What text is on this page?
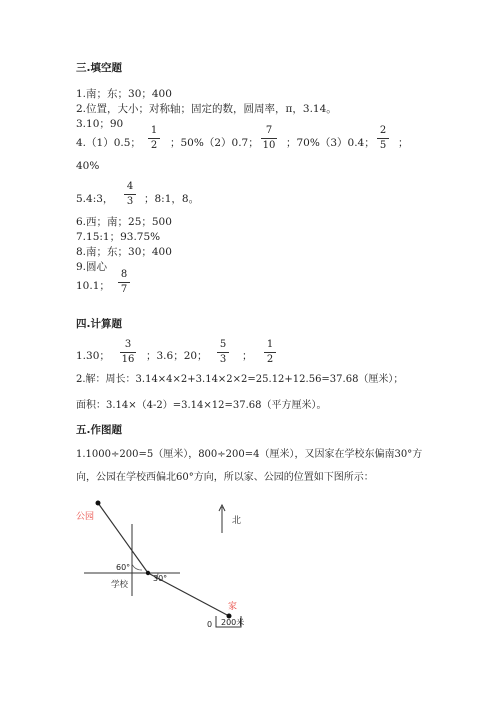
三.填空题
1.南；东；30；400
2.位置，大小；对称轴；固定的数，圆周率，π，3.14。
3.10；90
4.（1）0.5；
1
2 ；50%（2）0.7；
7
10 ；70%（3）0.4；
2
5 ；
40%
5.4:3，
4
3 ；8:1，8。
6.西；南；25；500
7.15:1；93.75%
8.南；东；30；400
9.圆心
10.1；
8
7
四.计算题
1.30；
3
16 ；3.6；20；
5
3 ；
1
2
2.解：周长：3.14×4×2+3.14×2×2=25.12+12.56=37.68（厘米）；
面积：3.14×（4-2）=3.14×12=37.68（平方厘米）。
五.作图题
1.1000÷200=5（厘米），800÷200=4（厘米），又因家在学校东偏南30°方
向，公园在学校西偏北60°方向，所以家、公园的位置如下图所示：
公园
学校
家
60°
30°
北
0 200米
